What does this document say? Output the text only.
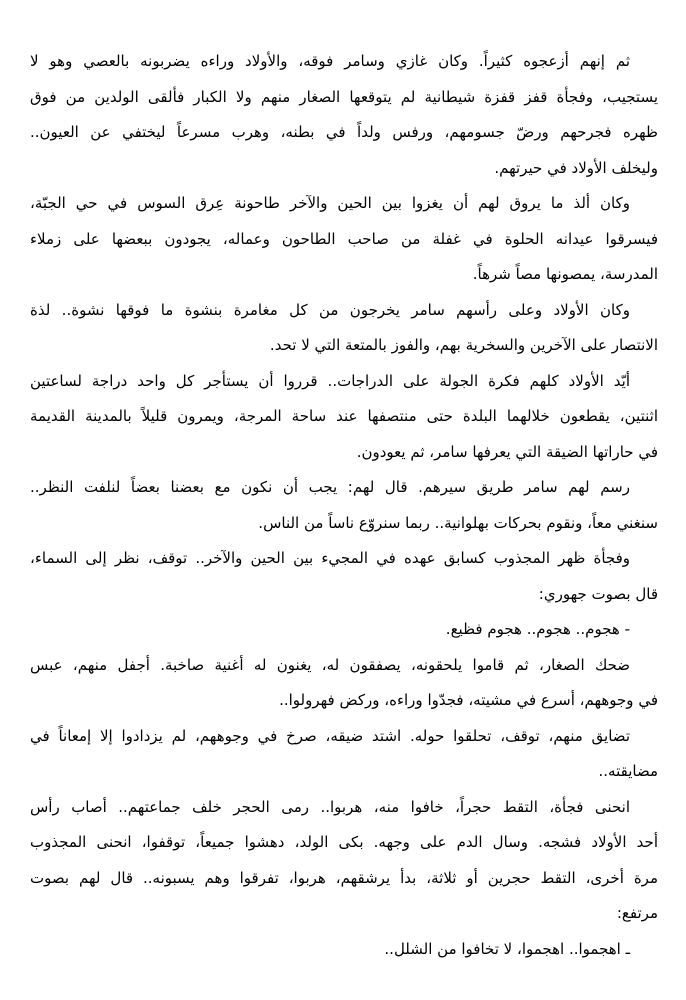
ثم إنهم أزعجوه كثيراً. وكان غازي وسامر فوقه، والأولاد وراءه يضربونه بالعصي وهو لا
يستجيب، وفجأة قفز قفزة شيطانية لم يتوقعها الصغار منهم ولا الكبار فألقى الولدين من فوق
ظهره فجرحهم ورضّ جسومهم، ورفس ولداً في بطنه، وهرب مسرعاً ليختفي عن العيون..
وليخلف الأولاد في حيرتهم.

وكان ألذ ما يروق لهم أن يغزوا بين الحين والآخر طاحونة عِرق السوس في حي الجبّة،
فيسرقوا عيدانه الحلوة في غفلة من صاحب الطاحون وعماله، يجودون ببعضها على زملاء
المدرسة، يمصونها مصاً شرهاً.

وكان الأولاد وعلى رأسهم سامر يخرجون من كل مغامرة بنشوة ما فوقها نشوة.. لذة
الانتصار على الآخرين والسخرية بهم، والفوز بالمتعة التي لا تحد.

أيّد الأولاد كلهم فكرة الجولة على الدراجات.. قرروا أن يستأجر كل واحد دراجة لساعتين
اثنتين، يقطعون خلالهما البلدة حتى منتصفها عند ساحة المرجة، ويمرون قليلاً بالمدينة القديمة
في حاراتها الضيقة التي يعرفها سامر، ثم يعودون.

رسم لهم سامر طريق سيرهم. قال لهم: يجب أن نكون مع بعضنا بعضاً لنلفت النظر..
سنغني معاً، ونقوم بحركات بهلوانية.. ربما سنروّع ناساً من الناس.

وفجأة ظهر المجذوب كسابق عهده في المجيء بين الحين والآخر.. توقف، نظر إلى السماء،
قال بصوت جهوري:

- هجوم.. هجوم.. هجوم فظيع.

ضحك الصغار، ثم قاموا يلحقونه، يصفقون له، يغنون له أغنية صاخبة. أجفل منهم، عبس
في وجوههم، أسرع في مشيته، فجدّوا وراءه، وركض فهرولوا..

تضايق منهم، توقف، تحلقوا حوله. اشتد ضيقه، صرخ في وجوههم، لم يزدادوا إلا إمعاناً في
مضايقته..

انحنى فجأة، التقط حجراً، خافوا منه، هربوا.. رمى الحجر خلف جماعتهم.. أصاب رأس
أحد الأولاد فشجه. وسال الدم على وجهه. بكى الولد، دهشوا جميعاً، توقفوا، انحنى المجذوب
مرة أخرى، التقط حجرين أو ثلاثة، بدأ يرشقهم، هربوا، تفرقوا وهم يسبونه.. قال لهم بصوت
مرتفع:

ـ اهجموا.. اهجموا، لا تخافوا من الشلل..
